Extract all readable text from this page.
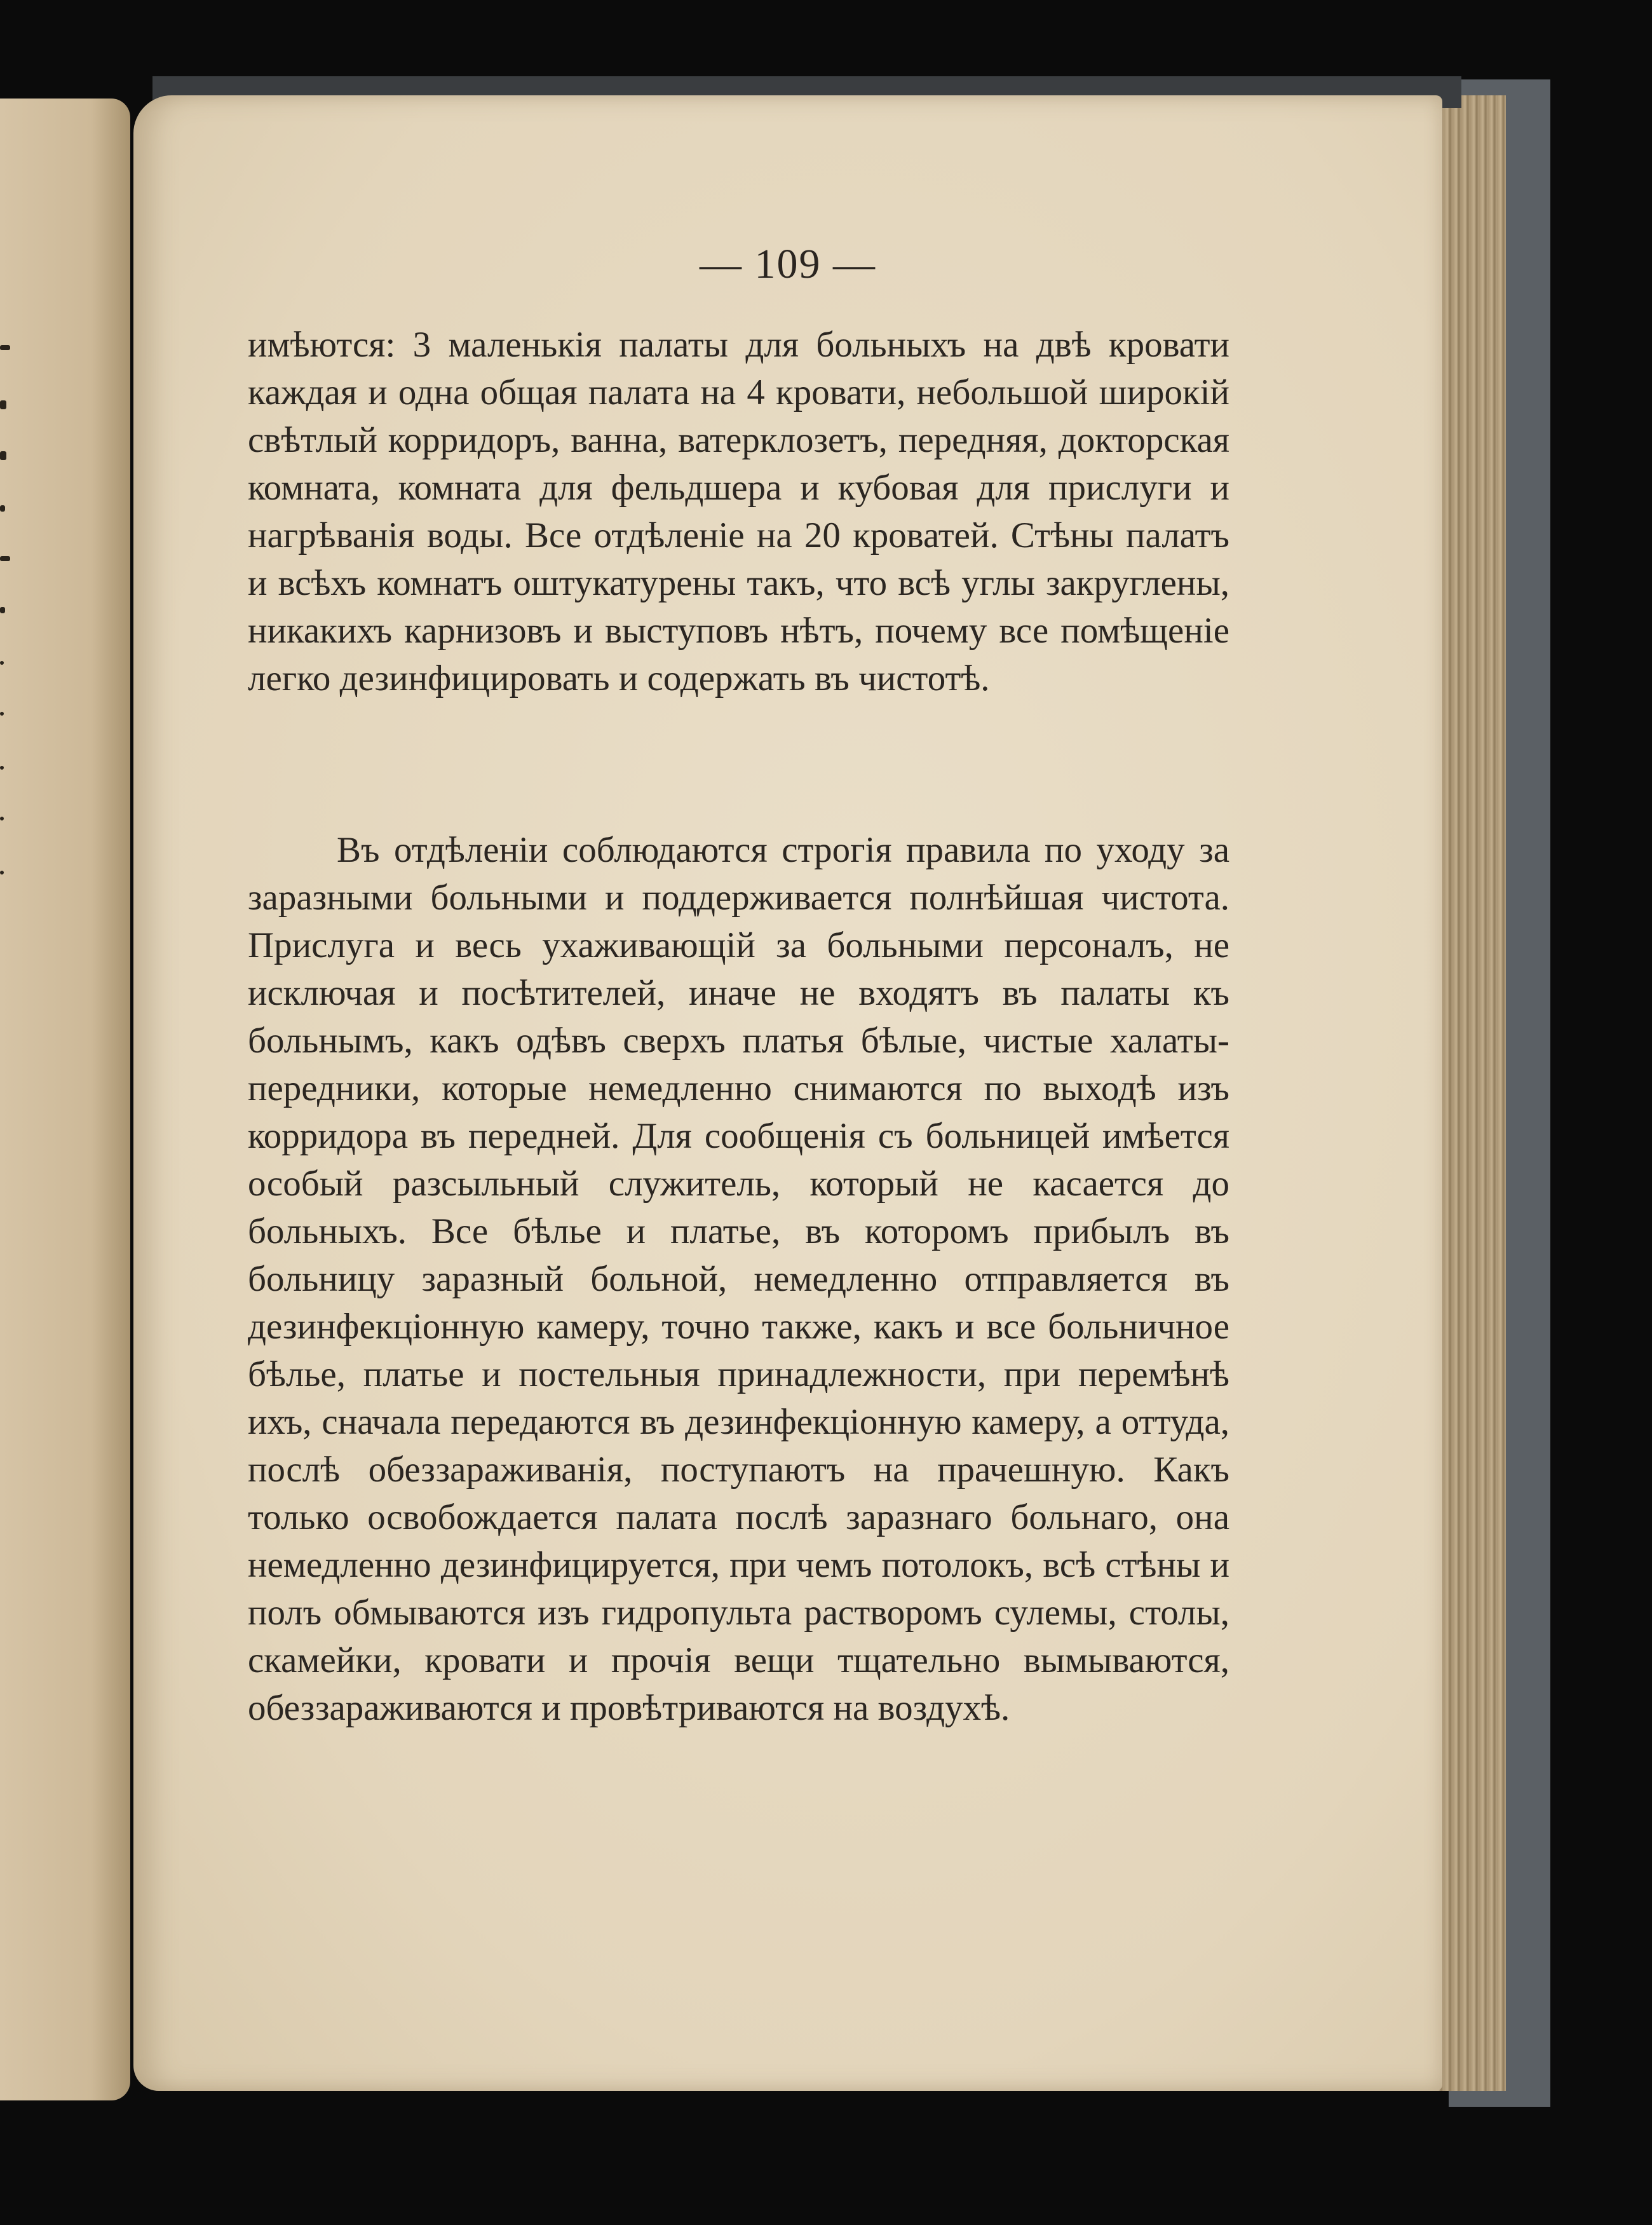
— 109 —

имѣются: 3 маленькія палаты для больныхъ на двѣ кровати каждая и одна общая палата на 4 кровати, небольшой широкій свѣтлый корридоръ, ванна, ватерклозетъ, передняя, докторская комната, комната для фельдшера и кубовая для прислуги и нагрѣванія воды. Все отдѣленіе на 20 кроватей. Стѣны палатъ и всѣхъ комнатъ оштукатурены такъ, что всѣ углы закруглены, никакихъ карнизовъ и выступовъ нѣтъ, почему все помѣщеніе легко дезинфицировать и содержать въ чистотѣ.

Въ отдѣленіи соблюдаются строгія правила по уходу за заразными больными и поддерживается полнѣйшая чистота. Прислуга и весь ухаживающій за больными персоналъ, не исключая и посѣтителей, иначе не входятъ въ палаты къ больнымъ, какъ одѣвъ сверхъ платья бѣлые, чистые халаты-передники, которые немедленно снимаются по выходѣ изъ корридора въ передней. Для сообщенія съ больницей имѣется особый разсыльный служитель, который не касается до больныхъ. Все бѣлье и платье, въ которомъ прибылъ въ больницу заразный больной, немедленно отправляется въ дезинфекціонную камеру, точно также, какъ и все больничное бѣлье, платье и постельныя принадлежности, при перемѣнѣ ихъ, сначала передаются въ дезинфекціонную камеру, а оттуда, послѣ обеззараживанія, поступаютъ на прачешную. Какъ только освобождается палата послѣ заразнаго больнаго, она немедленно дезинфицируется, при чемъ потолокъ, всѣ стѣны и полъ обмываются изъ гидропульта растворомъ сулемы, столы, скамейки, кровати и прочія вещи тщательно вымываются, обеззараживаются и провѣтриваются на воздухѣ.
